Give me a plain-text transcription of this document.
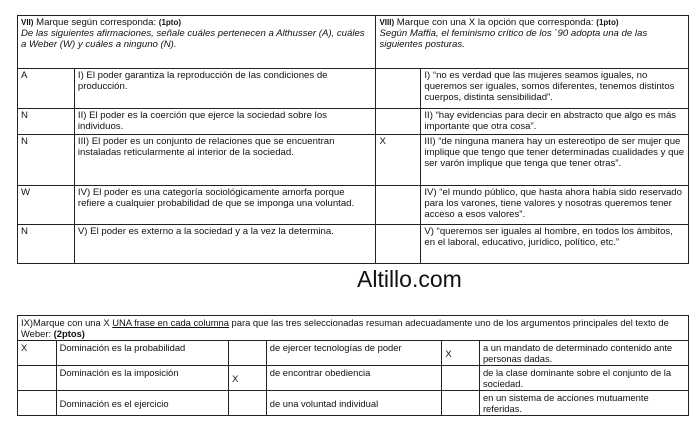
VII) Marque según corresponda: (1pto)
De las siguientes afirmaciones, señale cuáles pertenecen a Althusser (A), cuáles a Weber (W) y cuáles a ninguno (N).		VIII) Marque con una X la opción que corresponda: (1pto)
Según Maffia, el feminismo crítico de los `90 adopta una de las siguientes posturas.	
A	I) El poder garantiza la reproducción de las condiciones de producción.		I) “no es verdad que las mujeres seamos iguales, no queremos ser iguales, somos diferentes, tenemos distintos cuerpos, distinta sensibilidad”.
N	II) El poder es la coerción que ejerce la sociedad sobre los individuos.		II) “hay evidencias para decir en abstracto que algo es más importante que otra cosa”.
N	III) El poder es un conjunto de relaciones que se encuentran instaladas reticularmente al interior de la sociedad.	X	III) “de ninguna manera hay un estereotipo de ser mujer que implique que tengo que tener determinadas cualidades y que ser varón implique que tenga que tener otras”.
W	IV) El poder es una categoría sociológicamente amorfa porque refiere a cualquier probabilidad de que se imponga una voluntad.		IV) “el mundo público, que hasta ahora había sido reservado para los varones, tiene valores y nosotras queremos tener acceso a esos valores”.
N	V) El poder es externo a la sociedad y a la vez la determina.		V) “queremos ser iguales al hombre, en todos los ámbitos, en el laboral, educativo, jurídico, político, etc.”
Altillo.com
IX)Marque con una X UNA frase en cada columna para que las tres seleccionadas resuman adecuadamente uno de los argumentos principales del texto de Weber: (2ptos)					
X	Dominación es la probabilidad		de ejercer tecnologías de poder	X	a un mandato de determinado contenido ante personas dadas.
	Dominación es la imposición	X	de encontrar obediencia		de la clase dominante sobre el conjunto de la sociedad.
	Dominación es el ejercicio		de una voluntad individual		en un sistema de acciones mutuamente referidas.
